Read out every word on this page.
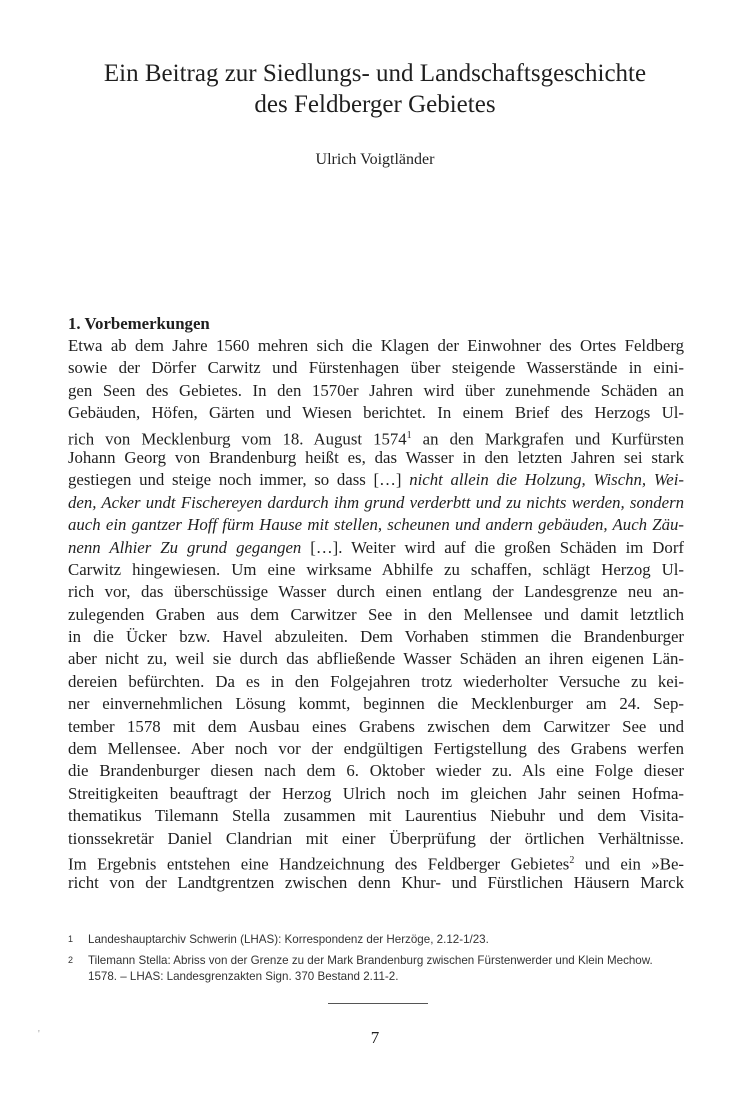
Ein Beitrag zur Siedlungs- und Landschaftsgeschichte
des Feldberger Gebietes

Ulrich Voigtländer

1. Vorbemerkungen

Etwa ab dem Jahre 1560 mehren sich die Klagen der Einwohner des Ortes Feldberg
sowie der Dörfer Carwitz und Fürstenhagen über steigende Wasserstände in eini-
gen Seen des Gebietes. In den 1570er Jahren wird über zunehmende Schäden an
Gebäuden, Höfen, Gärten und Wiesen berichtet. In einem Brief des Herzogs Ul-
rich von Mecklenburg vom 18. August 1574$^1$ an den Markgrafen und Kurfürsten
Johann Georg von Brandenburg heißt es, das Wasser in den letzten Jahren sei stark
gestiegen und steige noch immer, so dass […] nicht allein die Holzung, Wischn, Wei-
den, Acker undt Fischereyen dardurch ihm grund verderbtt und zu nichts werden, sondern
auch ein gantzer Hoff fürm Hause mit stellen, scheunen und andern gebäuden, Auch Zäu-
nenn Alhier Zu grund gegangen […]. Weiter wird auf die großen Schäden im Dorf
Carwitz hingewiesen. Um eine wirksame Abhilfe zu schaffen, schlägt Herzog Ul-
rich vor, das überschüssige Wasser durch einen entlang der Landesgrenze neu an-
zulegenden Graben aus dem Carwitzer See in den Mellensee und damit letztlich
in die Ücker bzw. Havel abzuleiten. Dem Vorhaben stimmen die Brandenburger
aber nicht zu, weil sie durch das abfließende Wasser Schäden an ihren eigenen Län-
dereien befürchten. Da es in den Folgejahren trotz wiederholter Versuche zu kei-
ner einvernehmlichen Lösung kommt, beginnen die Mecklenburger am 24. Sep-
tember 1578 mit dem Ausbau eines Grabens zwischen dem Carwitzer See und
dem Mellensee. Aber noch vor der endgültigen Fertigstellung des Grabens werfen
die Brandenburger diesen nach dem 6. Oktober wieder zu. Als eine Folge dieser
Streitigkeiten beauftragt der Herzog Ulrich noch im gleichen Jahr seinen Hofma-
thematikus Tilemann Stella zusammen mit Laurentius Niebuhr und dem Visita-
tionssekretär Daniel Clandrian mit einer Überprüfung der örtlichen Verhältnisse.
Im Ergebnis entstehen eine Handzeichnung des Feldberger Gebietes$^2$ und ein »Be-
richt von der Landtgrentzen zwischen denn Khur- und Fürstlichen Häusern Marck
1 Landeshauptarchiv Schwerin (LHAS): Korrespondenz der Herzöge, 2.12-1/23.
2 Tilemann Stella: Abriss von der Grenze zu der Mark Brandenburg zwischen Fürstenwerder und Klein Mechow.
1578. – LHAS: Landesgrenzakten Sign. 370 Bestand 2.11-2.
'	7
